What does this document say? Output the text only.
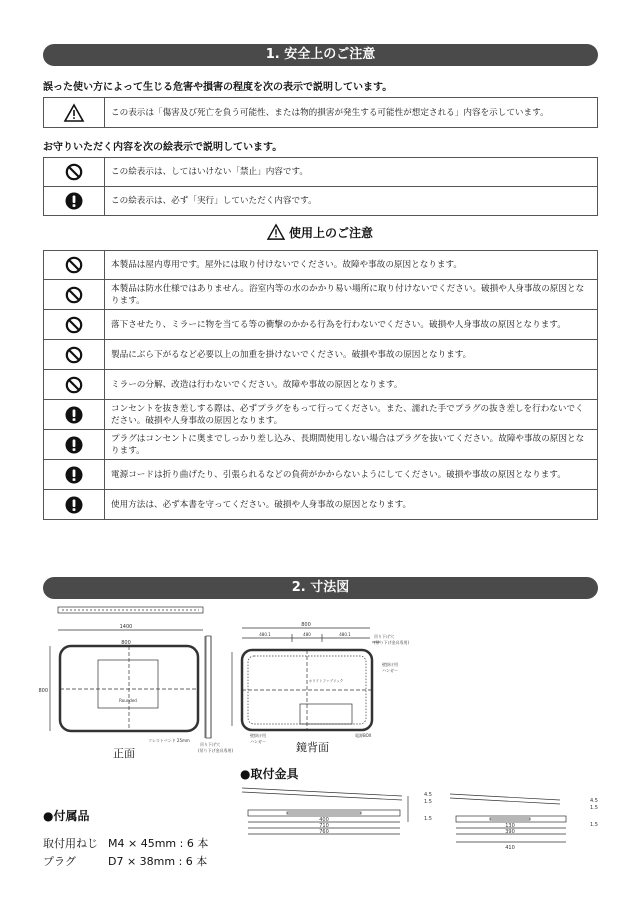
1. 安全上のご注意
誤った使い方によって生じる危害や損害の程度を次の表示で説明しています。
	この表示は「傷害及び死亡を負う可能性、または物的損害が発生する可能性が想定される」内容を示しています。
お守りいただく内容を次の絵表示で説明しています。
	この絵表示は、してはいけない「禁止」内容です。

	この絵表示は、必ず「実行」していただく内容です。
使用上のご注意
	本製品は屋内専用です。屋外には取り付けないでください。故障や事故の原因となります。

	本製品は防水仕様ではありません。浴室内等の水のかかり易い場所に取り付けないでください。破損や人身事故の原因となります。

	落下させたり、ミラーに物を当てる等の衝撃のかかる行為を行わないでください。破損や人身事故の原因となります。

	製品にぶら下がるなど必要以上の加重を掛けないでください。破損や事故の原因となります。

	ミラーの分解、改造は行わないでください。故障や事故の原因となります。

	コンセントを抜き差しする際は、必ずプラグをもって行ってください。また、濡れた手でプラグの抜き差しを行わないでください。破損や人身事故の原因となります。

	プラグはコンセントに奥までしっかり差し込み、長期間使用しない場合はプラグを抜いてください。故障や事故の原因となります。

	電源コードは折り曲げたり、引張られるなどの負荷がかからないようにしてください。破損や事故の原因となります。

	使用方法は、必ず本書を守ってください。破損や人身事故の原因となります。
2. 寸法図
1400
800
800
Rounded
フレストバンド 25mm
吊り下げ穴
(吊り下げ金具専用)
正面
800
480.1	480	480.1
ホワイトファブリック
吊り下げ穴
(吊り下げ金具専用)
壁掛け用
ハンガー
壁掛け用
ハンガー
電源BOX
鏡背面
●取付金具
400
710
760
4.5
1.5
1.5
130
390
410
4.5
1.5
1.5
●付属品
取付用ねじ M4 × 45mm : 6 本
プラグ	D7 × 38mm : 6 本
